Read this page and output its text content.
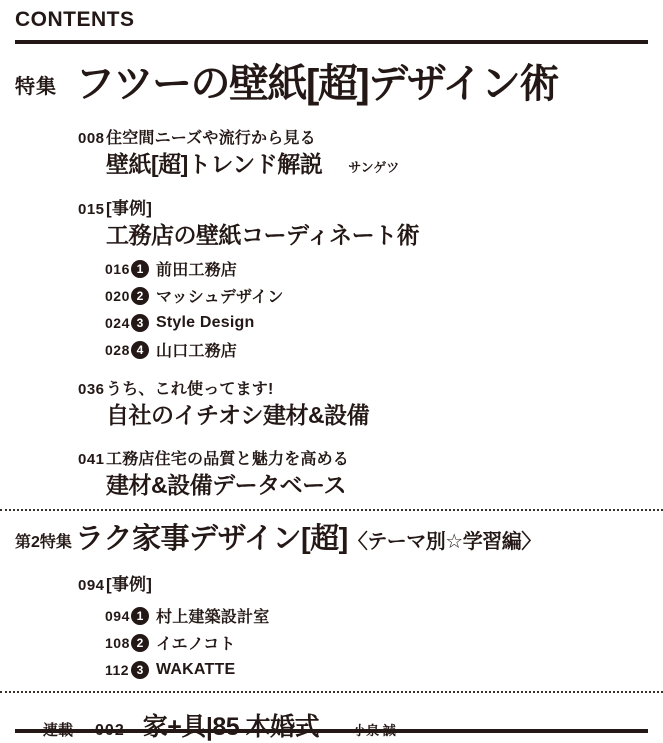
CONTENTS
特集 フツーの壁紙[超]デザイン術
008 住空間ニーズや流行から見る
壁紙[超]トレンド解説 サンゲツ
015 [事例]
工務店の壁紙コーディネート術
016 1 前田工務店
020 2 マッシュデザイン
024 3 Style Design
028 4 山口工務店
036 うち、これ使ってます!
自社のイチオシ建材&設備
041 工務店住宅の品質と魅力を高める
建材&設備データベース
第2特集 ラク家事デザイン[超]〈テーマ別☆学習編〉
094 [事例]
094 1 村上建築設計室
108 2 イエノコト
112 3 WAKATTE
連載 002 家+具|85 木婚式	小泉 誠
